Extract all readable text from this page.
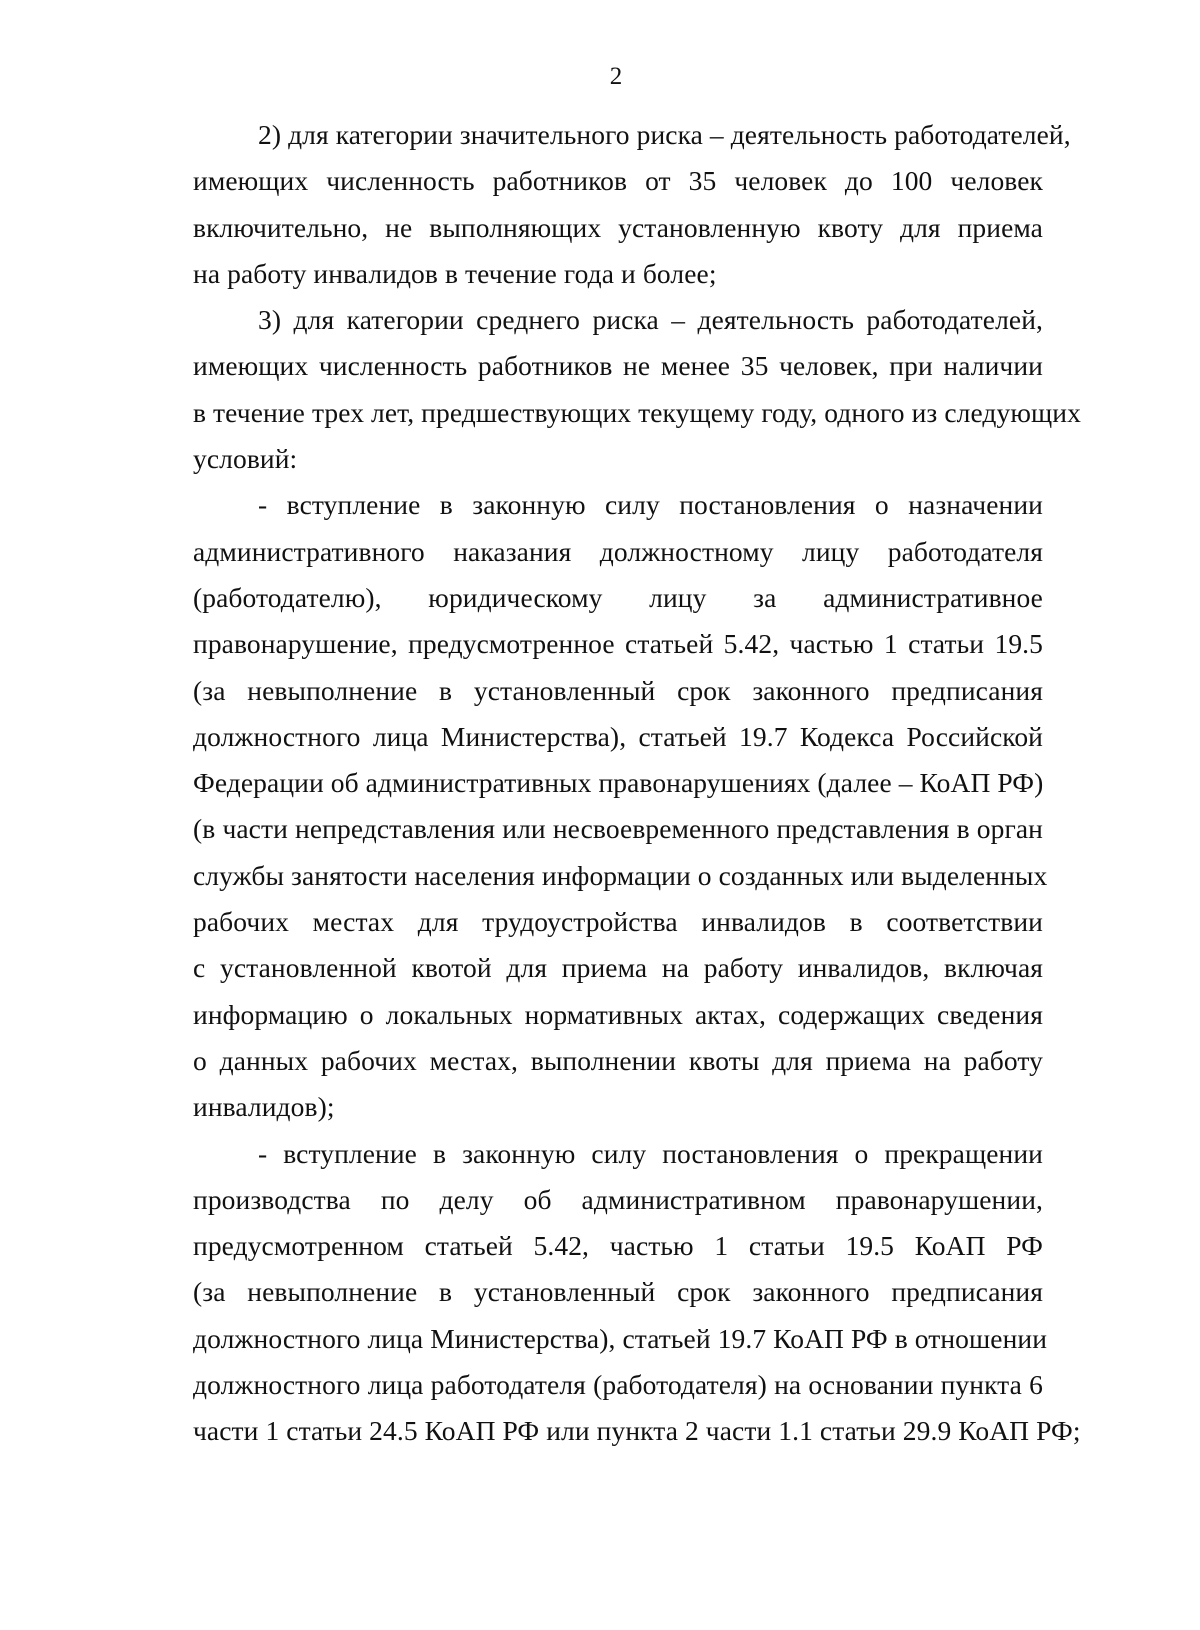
2

2) для категории значительного риска – деятельность работодателей,
имеющих численность работников от 35 человек до 100 человек
включительно, не выполняющих установленную квоту для приема
на работу инвалидов в течение года и более;

3) для категории среднего риска – деятельность работодателей,
имеющих численность работников не менее 35 человек, при наличии
в течение трех лет, предшествующих текущему году, одного из следующих
условий:

- вступление в законную силу постановления о назначении
административного наказания должностному лицу работодателя
(работодателю), юридическому лицу за административное
правонарушение, предусмотренное статьей 5.42, частью 1 статьи 19.5
(за невыполнение в установленный срок законного предписания
должностного лица Министерства), статьей 19.7 Кодекса Российской
Федерации об административных правонарушениях (далее – КоАП РФ)
(в части непредставления или несвоевременного представления в орган
службы занятости населения информации о созданных или выделенных
рабочих местах для трудоустройства инвалидов в соответствии
с установленной квотой для приема на работу инвалидов, включая
информацию о локальных нормативных актах, содержащих сведения
о данных рабочих местах, выполнении квоты для приема на работу
инвалидов);

- вступление в законную силу постановления о прекращении
производства по делу об административном правонарушении,
предусмотренном статьей 5.42, частью 1 статьи 19.5 КоАП РФ
(за невыполнение в установленный срок законного предписания
должностного лица Министерства), статьей 19.7 КоАП РФ в отношении
должностного лица работодателя (работодателя) на основании пункта 6
части 1 статьи 24.5 КоАП РФ или пункта 2 части 1.1 статьи 29.9 КоАП РФ;
